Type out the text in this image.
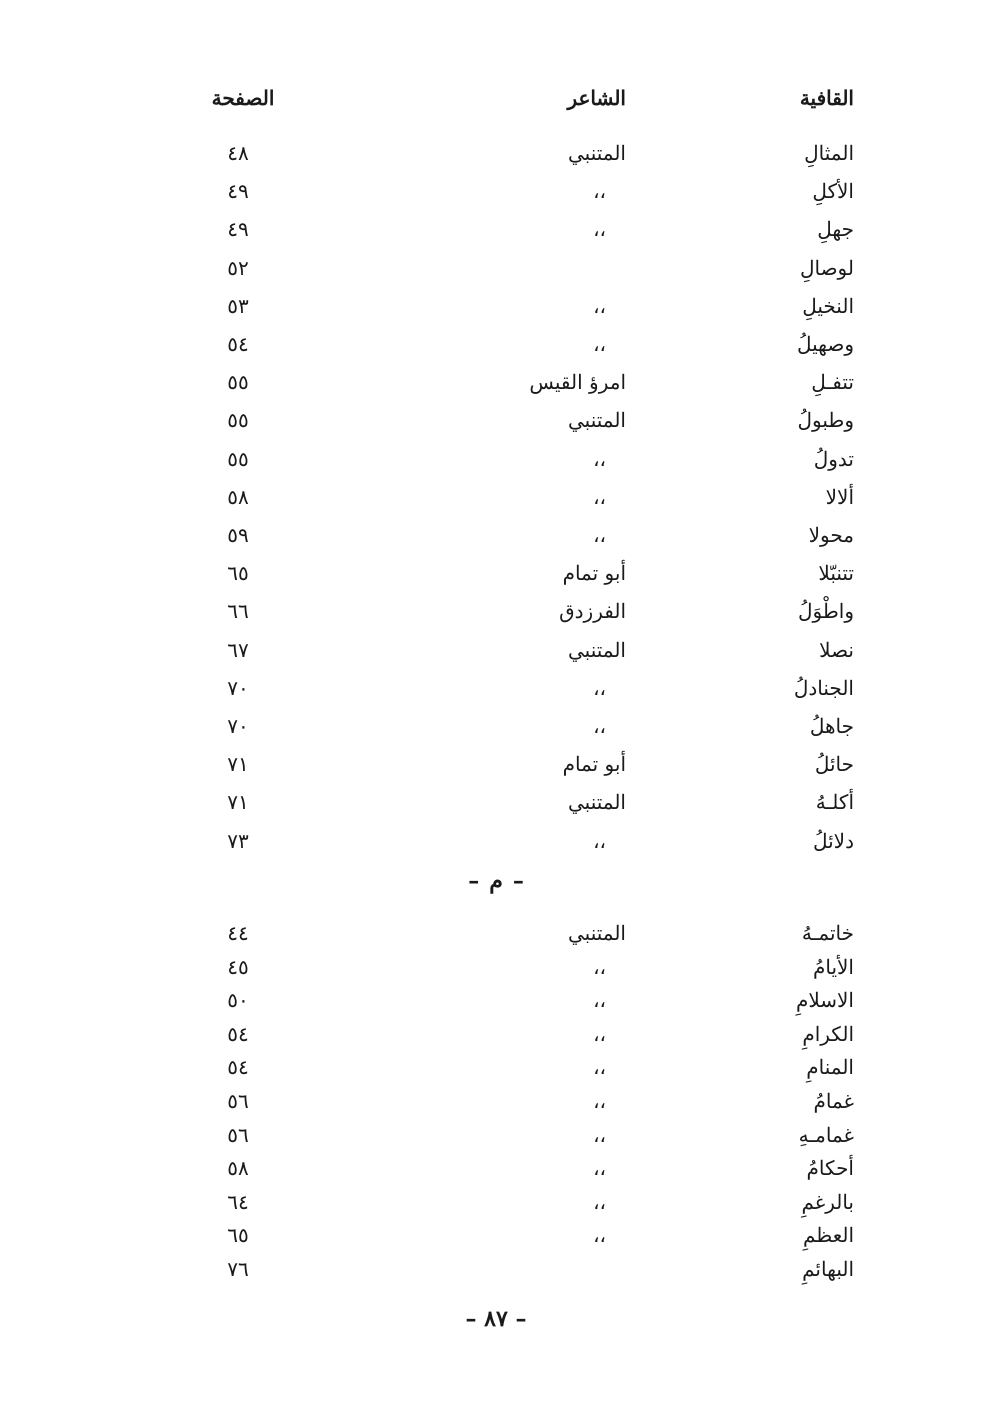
القافية
الشاعر
الصفحة
المثالِ
المتنبي
٤٨
الأكلِ
،،
٤٩
جهلِ
،،
٤٩
لوصالِ
٥٢
النخيلِ
،،
٥٣
وصهيلُ
،،
٥٤
تتفـلِ
امرؤ القيس
٥٥
وطبولُ
المتنبي
٥٥
تدولُ
،،
٥٥
ألالا
،،
٥٨
محولا
،،
٥٩
تتنبّلا
أبو تمام
٦٥
واطْوَلُ
الفرزدق
٦٦
نصلا
المتنبي
٦٧
الجنادلُ
،،
٧٠
جاهلُ
،،
٧٠
حائلُ
أبو تمام
٧١
أكلـهُ
المتنبي
٧١
دلائلُ
،،
٧٣
–م–
خاتمـهُ
المتنبي
٤٤
الأيامُ
،،
٤٥
الاسلامِ
،،
٥٠
الكرامِ
،،
٥٤
المنامِ
،،
٥٤
غمامُ
،،
٥٦
غمامـهِ
،،
٥٦
أحكامُ
،،
٥٨
بالرغمِ
،،
٦٤
العظمِ
،،
٦٥
البهائمِ
٧٦
– ٨٧ –
